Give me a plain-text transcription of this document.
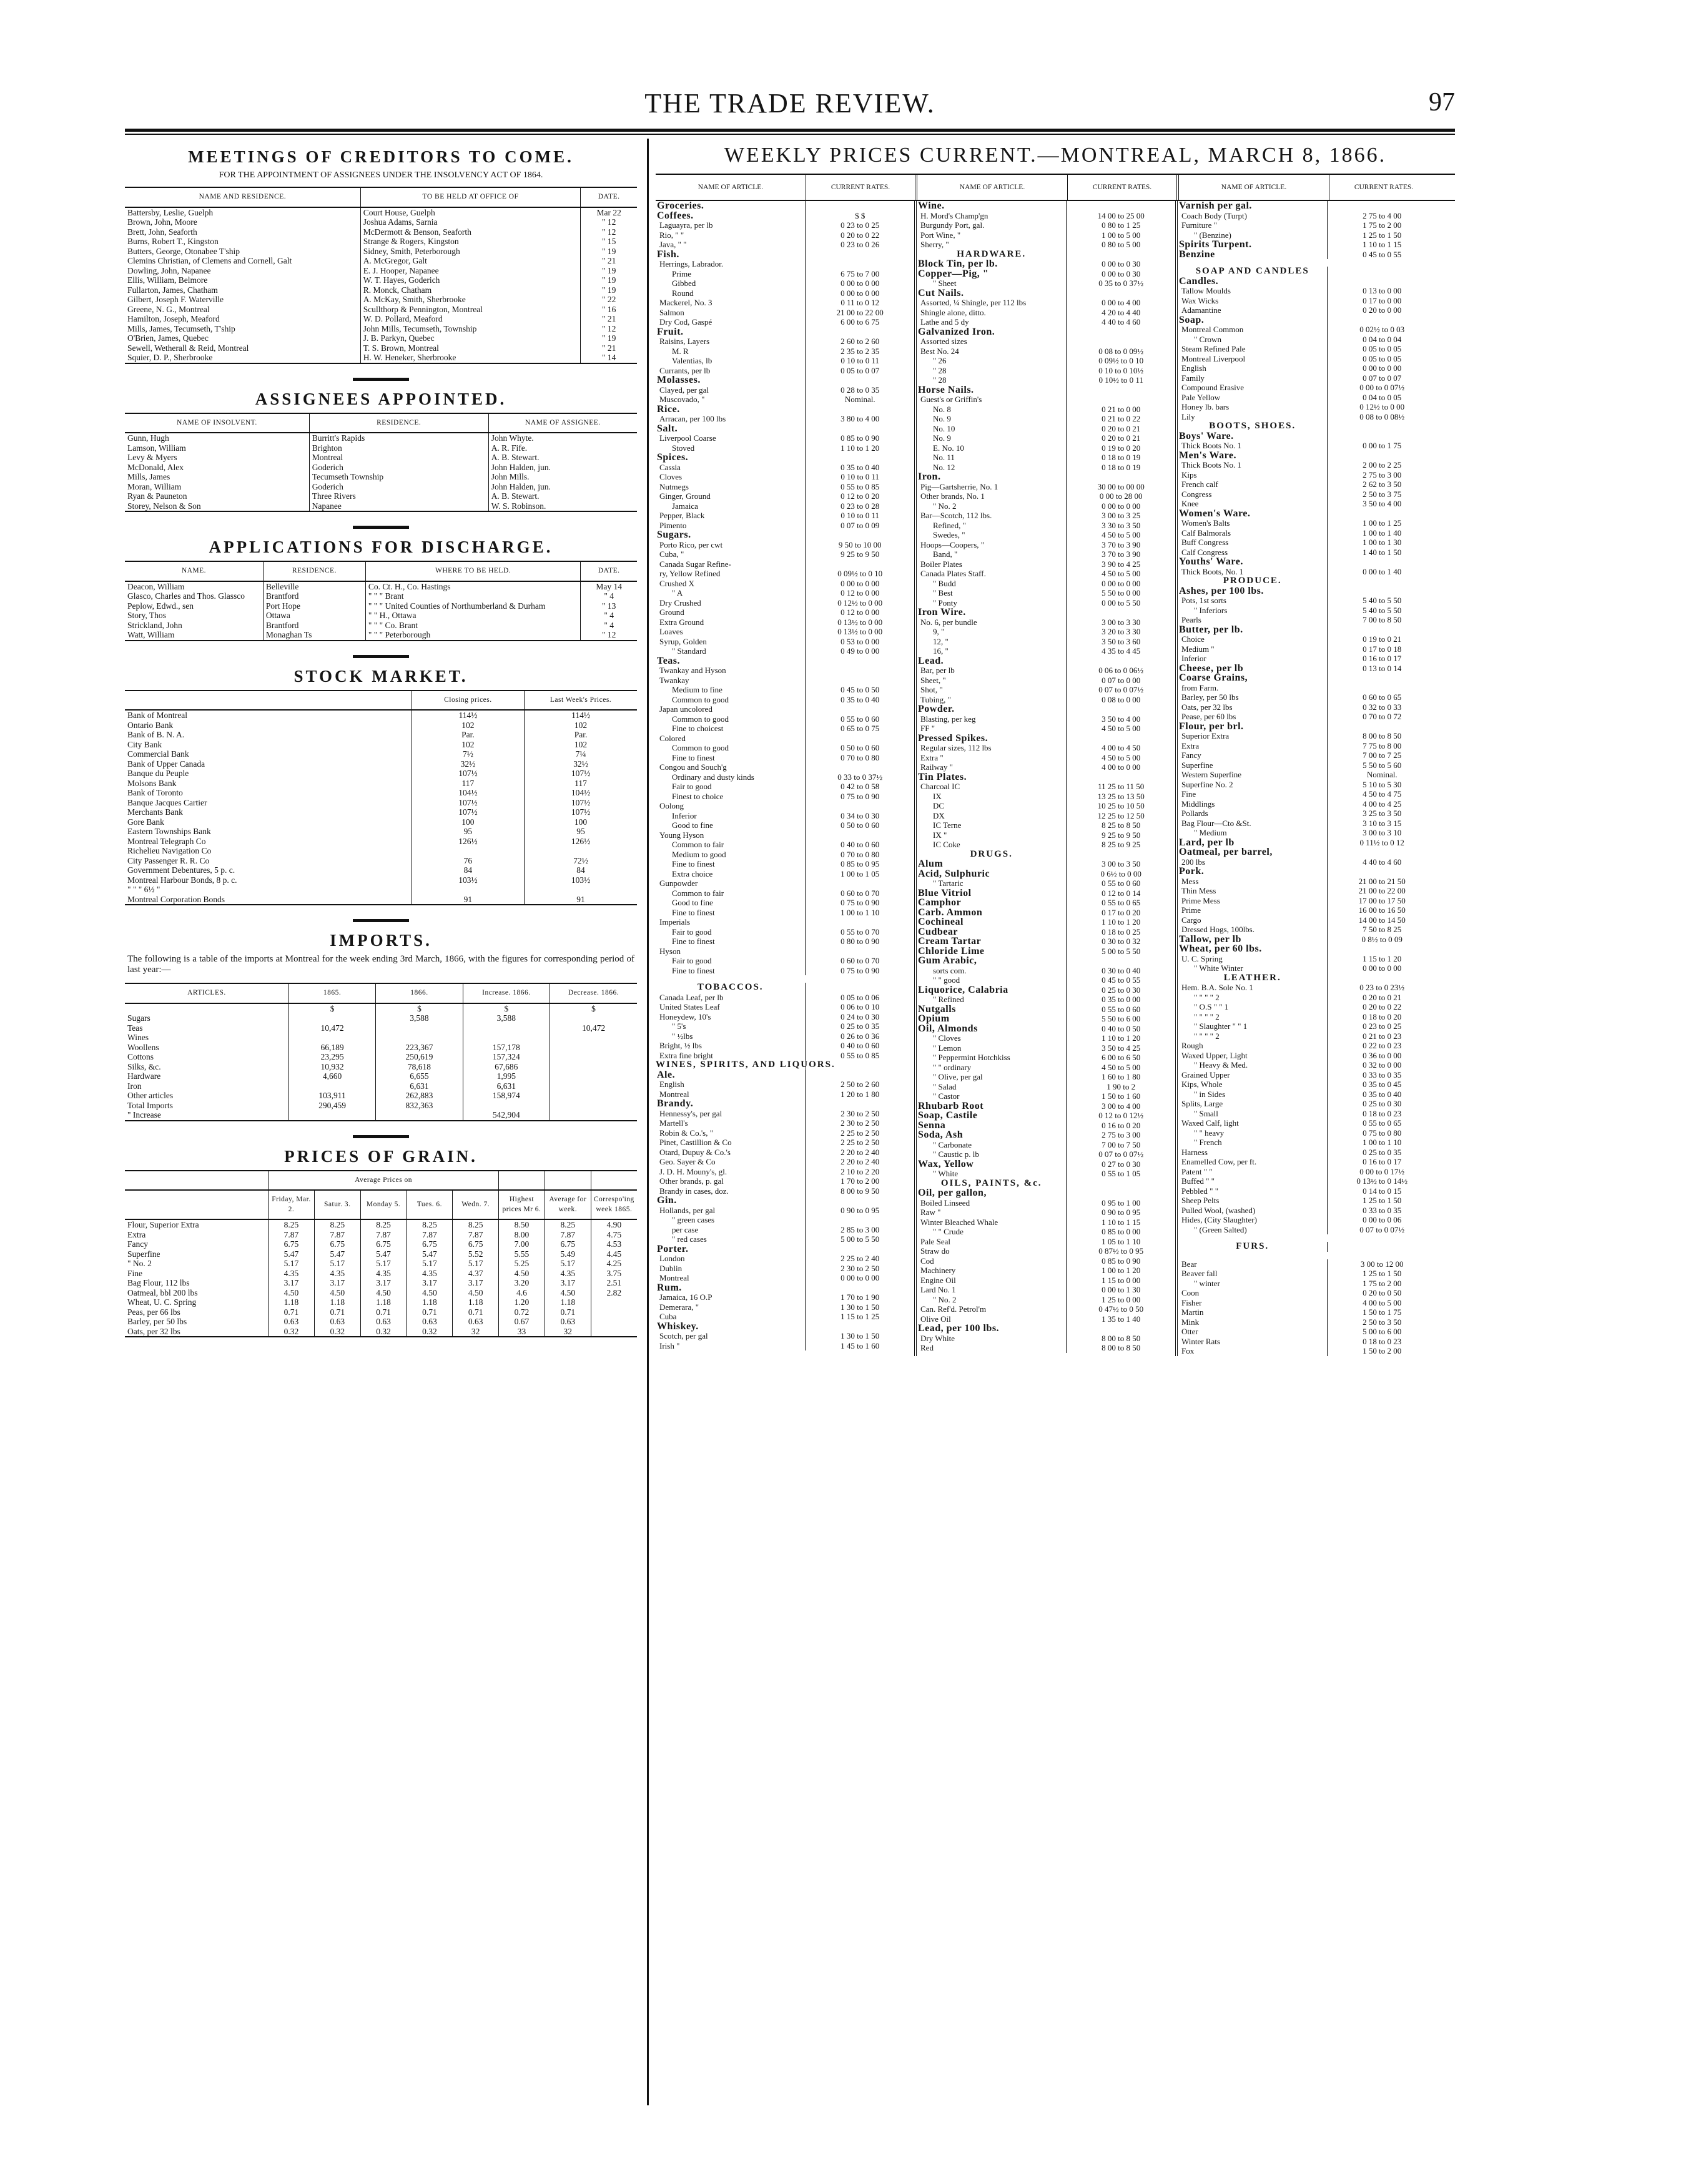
THE TRADE REVIEW.	97
MEETINGS OF CREDITORS TO COME.
FOR THE APPOINTMENT OF ASSIGNEES UNDER THE INSOLVENCY ACT OF 1864.
NAME AND RESIDENCE.	TO BE HELD AT OFFICE OF	DATE.
Battersby, Leslie, Guelph	Court House, Guelph	Mar 22
Brown, John, Moore	Joshua Adams, Sarnia	" 12
Brett, John, Seaforth	McDermott & Benson, Seaforth	" 12
Burns, Robert T., Kingston	Strange & Rogers, Kingston	" 15
Butters, George, Otonabee T'ship	Sidney, Smith, Peterborough	" 19
Clemins Christian, of Clemens and Cornell, Galt	A. McGregor, Galt	" 21
Dowling, John, Napanee	E. J. Hooper, Napanee	" 19
Ellis, William, Belmore	W. T. Hayes, Goderich	" 19
Fullarton, James, Chatham	R. Monck, Chatham	" 19
Gilbert, Joseph F. Waterville	A. McKay, Smith, Sherbrooke	" 22
Greene, N. G., Montreal	Scullthorp & Pennington, Montreal	" 16
Hamilton, Joseph, Meaford	W. D. Pollard, Meaford	" 21
Mills, James, Tecumseth, T'ship	John Mills, Tecumseth, Township	" 12
O'Brien, James, Quebec	J. B. Parkyn, Quebec	" 19
Sewell, Wetherall & Reid, Montreal	T. S. Brown, Montreal	" 21
Squier, D. P., Sherbrooke	H. W. Heneker, Sherbrooke	" 14
ASSIGNEES APPOINTED.
NAME OF INSOLVENT.	RESIDENCE.	NAME OF ASSIGNEE.
Gunn, Hugh	Burritt's Rapids	John Whyte.
Lamson, William	Brighton	A. R. Fife.
Levy & Myers	Montreal	A. B. Stewart.
McDonald, Alex	Goderich	John Halden, jun.
Mills, James	Tecumseth Township	John Mills.
Moran, William	Goderich	John Halden, jun.
Ryan & Pauneton	Three Rivers	A. B. Stewart.
Storey, Nelson & Son	Napanee	W. S. Robinson.
APPLICATIONS FOR DISCHARGE.
NAME.	RESIDENCE.	WHERE TO BE HELD.	DATE.
Deacon, William	Belleville	Co. Ct. H., Co. Hastings	May 14
Glasco, Charles and Thos. Glassco	Brantford	" " " Brant	" 4
Peplow, Edwd., sen	Port Hope	" " " United Counties of Northumberland & Durham	" 13
Story, Thos	Ottawa	" " H., Ottawa	" 4
Strickland, John	Brantford	" " " Co. Brant	" 4
Watt, William	Monaghan Ts	" " " Peterborough	" 12
STOCK MARKET.
	Closing prices.	Last Week's Prices.
Bank of Montreal	114½	114½
Ontario Bank	102	102
Bank of B. N. A.	Par.	Par.
City Bank	102	102
Commercial Bank	7½	7¼
Bank of Upper Canada	32½	32½
Banque du Peuple	107½	107½
Molsons Bank	117	117
Bank of Toronto	104½	104½
Banque Jacques Cartier	107½	107½
Merchants Bank	107½	107½
Gore Bank	100	100
Eastern Townships Bank	95	95
Montreal Telegraph Co	126½	126½
Richelieu Navigation Co		
City Passenger R. R. Co	76	72½
Government Debentures, 5 p. c.	84	84
Montreal Harbour Bonds, 8 p. c.	103½	103½
" " " 6½ "		
Montreal Corporation Bonds	91	91
IMPORTS.
The following is a table of the imports at Montreal for the week ending 3rd March, 1866, with the figures for corresponding period of last year:—
ARTICLES.	1865.	1866.	Increase. 1866.	Decrease. 1866.
	$	$	$	$
Sugars		3,588	3,588	
Teas	10,472			10,472
Wines				
Woollens	66,189	223,367	157,178	
Cottons	23,295	250,619	157,324	
Silks, &c.	10,932	78,618	67,686	
Hardware	4,660	6,655	1,995	
Iron		6,631	6,631	
Other articles	103,911	262,883	158,974	
Total Imports	290,459	832,363		
" Increase			542,904	
PRICES OF GRAIN.
	Average Prices on							
	Friday, Mar. 2.	Satur. 3.	Monday 5.	Tues. 6.	Wedn. 7.	Highest prices Mr 6.	Average for week.	Correspo'ing week 1865.
Flour, Superior Extra	8.25	8.25	8.25	8.25	8.25	8.50	8.25	4.90
Extra	7.87	7.87	7.87	7.87	7.87	8.00	7.87	4.75
Fancy	6.75	6.75	6.75	6.75	6.75	7.00	6.75	4.53
Superfine	5.47	5.47	5.47	5.47	5.52	5.55	5.49	4.45
" No. 2	5.17	5.17	5.17	5.17	5.17	5.25	5.17	4.25
Fine	4.35	4.35	4.35	4.35	4.37	4.50	4.35	3.75
Bag Flour, 112 lbs	3.17	3.17	3.17	3.17	3.17	3.20	3.17	2.51
Oatmeal, bbl 200 lbs	4.50	4.50	4.50	4.50	4.50	4.6	4.50	2.82
Wheat, U. C. Spring	1.18	1.18	1.18	1.18	1.18	1.20	1.18	
Peas, per 66 lbs	0.71	0.71	0.71	0.71	0.71	0.72	0.71	
Barley, per 50 lbs	0.63	0.63	0.63	0.63	0.63	0.67	0.63	
Oats, per 32 lbs	0.32	0.32	0.32	0.32	32	33	32	
WEEKLY PRICES CURRENT.—MONTREAL, MARCH 8, 1866.
NAME OF ARTICLE.	CURRENT RATES.	NAME OF ARTICLE.	CURRENT RATES.	NAME OF ARTICLE.	CURRENT RATES.
Groceries.
Coffees.	$ $
Laguayra, per lb	0 23 to 0 25
Rio, " "	0 20 to 0 22
Java, " "	0 23 to 0 26
Fish.
Herrings, Labrador.
Prime	6 75 to 7 00
Gibbed	0 00 to 0 00
Round	0 00 to 0 00
Mackerel, No. 3	0 11 to 0 12
Salmon	21 00 to 22 00
Dry Cod, Gaspé	6 00 to 6 75
Fruit.
Raisins, Layers	2 60 to 2 60
M. R	2 35 to 2 35
Valentias, lb	0 10 to 0 11
Currants, per lb	0 05 to 0 07
Molasses.
Clayed, per gal	0 28 to 0 35
Muscovado, "	Nominal.
Rice.
Arracan, per 100 lbs	3 80 to 4 00
Salt.
Liverpool Coarse	0 85 to 0 90
Stoved	1 10 to 1 20
Spices.
Cassia	0 35 to 0 40
Cloves	0 10 to 0 11
Nutmegs	0 55 to 0 85
Ginger, Ground	0 12 to 0 20
Jamaica	0 23 to 0 28
Pepper, Black	0 10 to 0 11
Pimento	0 07 to 0 09
Sugars.
Porto Rico, per cwt	9 50 to 10 00
Cuba, "	9 25 to 9 50
Canada Sugar Refine-
ry, Yellow Refined	0 09½ to 0 10
Crushed X	0 00 to 0 00
" A	0 12 to 0 00
Dry Crushed	0 12½ to 0 00
Ground	0 12 to 0 00
Extra Ground	0 13½ to 0 00
Loaves	0 13½ to 0 00
Syrup, Golden	0 53 to 0 00
" Standard	0 49 to 0 00
Teas.
Twankay and Hyson
Twankay
Medium to fine	0 45 to 0 50
Common to good	0 35 to 0 40
Japan uncolored
Common to good	0 55 to 0 60
Fine to choicest	0 65 to 0 75
Colored
Common to good	0 50 to 0 60
Fine to finest	0 70 to 0 80
Congou and Souch'g
Ordinary and dusty kinds	0 33 to 0 37½
Fair to good	0 42 to 0 58
Finest to choice	0 75 to 0 90
Oolong
Inferior	0 34 to 0 30
Good to fine	0 50 to 0 60
Young Hyson
Common to fair	0 40 to 0 60
Medium to good	0 70 to 0 80
Fine to finest	0 85 to 0 95
Extra choice	1 00 to 1 05
Gunpowder
Common to fair	0 60 to 0 70
Good to fine	0 75 to 0 90
Fine to finest	1 00 to 1 10
Imperials
Fair to good	0 55 to 0 70
Fine to finest	0 80 to 0 90
Hyson
Fair to good	0 60 to 0 70
Fine to finest	0 75 to 0 90
TOBACCOS.
Canada Leaf, per lb	0 05 to 0 06
United States Leaf	0 06 to 0 10
Honeydew, 10's	0 24 to 0 30
" 5's	0 25 to 0 35
" ½lbs	0 26 to 0 36
Bright, ½ lbs	0 40 to 0 60
Extra fine bright	0 55 to 0 85
WINES, SPIRITS, AND LIQUORS.
Ale.
English	2 50 to 2 60
Montreal	1 20 to 1 80
Brandy.
Hennessy's, per gal	2 30 to 2 50
Martell's	2 30 to 2 50
Robin & Co.'s, "	2 25 to 2 50
Pinet, Castillion & Co	2 25 to 2 50
Otard, Dupuy & Co.'s	2 20 to 2 40
Geo. Sayer & Co	2 20 to 2 40
J. D. H. Mouny's, gl.	2 10 to 2 20
Other brands, p. gal	1 70 to 2 00
Brandy in cases, doz.	8 00 to 9 50
Gin.
Hollands, per gal	0 90 to 0 95
" green cases
per case	2 85 to 3 00
" red cases	5 00 to 5 50
Porter.
London	2 25 to 2 40
Dublin	2 30 to 2 50
Montreal	0 00 to 0 00
Rum.
Jamaica, 16 O.P	1 70 to 1 90
Demerara, "	1 30 to 1 50
Cuba	1 15 to 1 25
Whiskey.
Scotch, per gal	1 30 to 1 50
Irish "	1 45 to 1 60
Wine.
H. Mord's Champ'gn	14 00 to 25 00
Burgundy Port, gal.	0 80 to 1 25
Port Wine, "	1 00 to 5 00
Sherry, "	0 80 to 5 00
HARDWARE.
Block Tin, per lb.	0 00 to 0 30
Copper—Pig, "	0 00 to 0 30
" Sheet	0 35 to 0 37½
Cut Nails.
Assorted, ¼ Shingle, per 112 lbs	0 00 to 4 00
Shingle alone, ditto.	4 20 to 4 40
Lathe and 5 dy	4 40 to 4 60
Galvanized Iron.
Assorted sizes
Best No. 24	0 08 to 0 09½
" 26	0 09½ to 0 10
" 28	0 10 to 0 10½
" 28	0 10½ to 0 11
Horse Nails.
Guest's or Griffin's
No. 8	0 21 to 0 00
No. 9	0 21 to 0 22
No. 10	0 20 to 0 21
No. 9	0 20 to 0 21
E. No. 10	0 19 to 0 20
No. 11	0 18 to 0 19
No. 12	0 18 to 0 19
Iron.
Pig—Gartsherrie, No. 1	30 00 to 00 00
Other brands, No. 1	0 00 to 28 00
" No. 2	0 00 to 0 00
Bar—Scotch, 112 lbs.	3 00 to 3 25
Refined, "	3 30 to 3 50
Swedes, "	4 50 to 5 00
Hoops—Coopers, "	3 70 to 3 90
Band, "	3 70 to 3 90
Boiler Plates	3 90 to 4 25
Canada Plates Staff.	4 50 to 5 00
" Budd	0 00 to 0 00
" Best	5 50 to 0 00
" Ponty	0 00 to 5 50
Iron Wire.
No. 6, per bundle	3 00 to 3 30
9, "	3 20 to 3 30
12, "	3 50 to 3 60
16, "	4 35 to 4 45
Lead.
Bar, per lb	0 06 to 0 06½
Sheet, "	0 07 to 0 00
Shot, "	0 07 to 0 07½
Tubing, "	0 08 to 0 00
Powder.
Blasting, per keg	3 50 to 4 00
FF "	4 50 to 5 00
Pressed Spikes.
Regular sizes, 112 lbs	4 00 to 4 50
Extra "	4 50 to 5 00
Railway "	4 00 to 0 00
Tin Plates.
Charcoal IC	11 25 to 11 50
IX	13 25 to 13 50
DC	10 25 to 10 50
DX	12 25 to 12 50
IC Terne	8 25 to 8 50
IX "	9 25 to 9 50
IC Coke	8 25 to 9 25
DRUGS.
Alum	3 00 to 3 50
Acid, Sulphuric	0 6½ to 0 00
" Tartaric	0 55 to 0 60
Blue Vitriol	0 12 to 0 14
Camphor	0 55 to 0 65
Carb. Ammon	0 17 to 0 20
Cochineal	1 10 to 1 20
Cudbear	0 18 to 0 25
Cream Tartar	0 30 to 0 32
Chloride Lime	5 00 to 5 50
Gum Arabic,
sorts com.	0 30 to 0 40
" " good	0 45 to 0 55
Liquorice, Calabria	0 25 to 0 30
" Refined	0 35 to 0 00
Nutgalls	0 55 to 0 60
Opium	5 50 to 6 00
Oil, Almonds	0 40 to 0 50
" Cloves	1 10 to 1 20
" Lemon	3 50 to 4 25
" Peppermint Hotchkiss	6 00 to 6 50
" " ordinary	4 50 to 5 00
" Olive, per gal	1 60 to 1 80
" Salad	1 90 to 2
" Castor	1 50 to 1 60
Rhubarb Root	3 00 to 4 00
Soap, Castile	0 12 to 0 12½
Senna	0 16 to 0 20
Soda, Ash	2 75 to 3 00
" Carbonate	7 00 to 7 50
" Caustic p. lb	0 07 to 0 07½
Wax, Yellow	0 27 to 0 30
" White	0 55 to 1 05
OILS, PAINTS, &c.
Oil, per gallon,
Boiled Linseed	0 95 to 1 00
Raw "	0 90 to 0 95
Winter Bleached Whale	1 10 to 1 15
" " Crude	0 85 to 0 00
Pale Seal	1 05 to 1 10
Straw do	0 87½ to 0 95
Cod	0 85 to 0 90
Machinery	1 00 to 1 20
Engine Oil	1 15 to 0 00
Lard No. 1	0 00 to 1 30
" No. 2	1 25 to 0 00
Can. Ref'd. Petrol'm	0 47½ to 0 50
Olive Oil	1 35 to 1 40
Lead, per 100 lbs.
Dry White	8 00 to 8 50
Red	8 00 to 8 50
Varnish per gal.
Coach Body (Turpt)	2 75 to 4 00
Furniture "	1 75 to 2 00
" (Benzine)	1 25 to 1 50
Spirits Turpent.	1 10 to 1 15
Benzine	0 45 to 0 55
SOAP AND CANDLES
Candles.
Tallow Moulds	0 13 to 0 00
Wax Wicks	0 17 to 0 00
Adamantine	0 20 to 0 00
Soap.
Montreal Common	0 02½ to 0 03
" Crown	0 04 to 0 04
Steam Refined Pale	0 05 to 0 05
Montreal Liverpool	0 05 to 0 05
English	0 00 to 0 00
Family	0 07 to 0 07
Compound Erasive	0 00 to 0 07½
Pale Yellow	0 04 to 0 05
Honey lb. bars	0 12½ to 0 00
Lily	0 08 to 0 08½
BOOTS, SHOES.
Boys' Ware.
Thick Boots No. 1	0 00 to 1 75
Men's Ware.
Thick Boots No. 1	2 00 to 2 25
Kips	2 75 to 3 00
French calf	2 62 to 3 50
Congress	2 50 to 3 75
Knee	3 50 to 4 00
Women's Ware.
Women's Balts	1 00 to 1 25
Calf Balmorals	1 00 to 1 40
Buff Congress	1 00 to 1 30
Calf Congress	1 40 to 1 50
Youths' Ware.
Thick Boots, No. 1	0 00 to 1 40
PRODUCE.
Ashes, per 100 lbs.
Pots, 1st sorts	5 40 to 5 50
" Inferiors	5 40 to 5 50
Pearls	7 00 to 8 50
Butter, per lb.
Choice	0 19 to 0 21
Medium "	0 17 to 0 18
Inferior	0 16 to 0 17
Cheese, per lb	0 13 to 0 14
Coarse Grains,
from Farm.
Barley, per 50 lbs	0 60 to 0 65
Oats, per 32 lbs	0 32 to 0 33
Pease, per 60 lbs	0 70 to 0 72
Flour, per brl.
Superior Extra	8 00 to 8 50
Extra	7 75 to 8 00
Fancy	7 00 to 7 25
Superfine	5 50 to 5 60
Western Superfine	Nominal.
Superfine No. 2	5 10 to 5 30
Fine	4 50 to 4 75
Middlings	4 00 to 4 25
Pollards	3 25 to 3 50
Bag Flour—Cto &St.	3 10 to 3 15
" Medium	3 00 to 3 10
Lard, per lb	0 11½ to 0 12
Oatmeal, per barrel,
200 lbs	4 40 to 4 60
Pork.
Mess	21 00 to 21 50
Thin Mess	21 00 to 22 00
Prime Mess	17 00 to 17 50
Prime	16 00 to 16 50
Cargo	14 00 to 14 50
Dressed Hogs, 100lbs.	7 50 to 8 25
Tallow, per lb	0 8½ to 0 09
Wheat, per 60 lbs.
U. C. Spring	1 15 to 1 20
" White Winter	0 00 to 0 00
LEATHER.
Hem. B.A. Sole No. 1	0 23 to 0 23½
" " " " 2	0 20 to 0 21
" O.S " " 1	0 20 to 0 22
" " " " 2	0 18 to 0 20
" Slaughter " " 1	0 23 to 0 25
" " " " 2	0 21 to 0 23
Rough	0 22 to 0 23
Waxed Upper, Light	0 36 to 0 00
" Heavy & Med.	0 32 to 0 00
Grained Upper	0 33 to 0 35
Kips, Whole	0 35 to 0 45
" in Sides	0 35 to 0 40
Splits, Large	0 25 to 0 30
" Small	0 18 to 0 23
Waxed Calf, light	0 55 to 0 65
" " heavy	0 75 to 0 80
" French	1 00 to 1 10
Harness	0 25 to 0 35
Enamelled Cow, per ft.	0 16 to 0 17
Patent " "	0 00 to 0 17½
Buffed " "	0 13½ to 0 14½
Pebbled " "	0 14 to 0 15
Sheep Pelts	1 25 to 1 50
Pulled Wool, (washed)	0 33 to 0 35
Hides, (City Slaughter)	0 00 to 0 06
" (Green Salted)	0 07 to 0 07½
FURS.
Bear	3 00 to 12 00
Beaver fall	1 25 to 1 50
" winter	1 75 to 2 00
Coon	0 20 to 0 50
Fisher	4 00 to 5 00
Martin	1 50 to 1 75
Mink	2 50 to 3 50
Otter	5 00 to 6 00
Winter Rats	0 18 to 0 23
Fox	1 50 to 2 00
